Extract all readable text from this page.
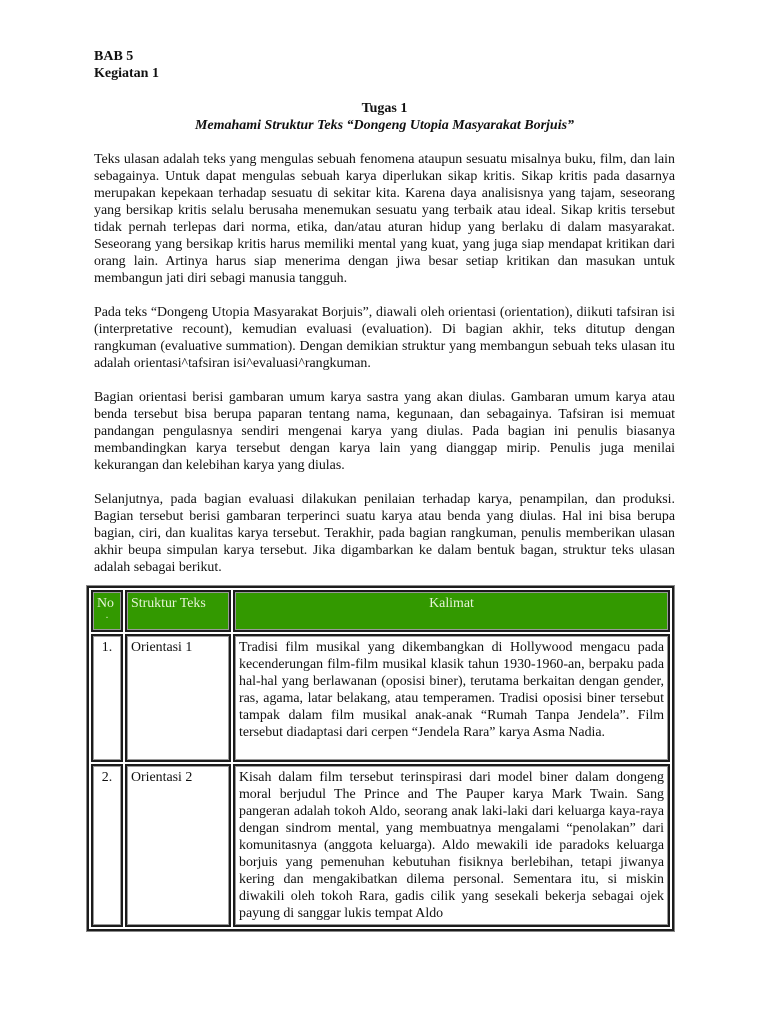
BAB 5
Kegiatan 1
Tugas 1
Memahami Struktur Teks “Dongeng Utopia Masyarakat Borjuis”

Teks ulasan adalah teks yang mengulas sebuah fenomena ataupun sesuatu misalnya buku, film, dan lain sebagainya. Untuk dapat mengulas sebuah karya diperlukan sikap kritis. Sikap kritis pada dasarnya merupakan kepekaan terhadap sesuatu di sekitar kita. Karena daya analisisnya yang tajam, seseorang yang bersikap kritis selalu berusaha menemukan sesuatu yang terbaik atau ideal. Sikap kritis tersebut tidak pernah terlepas dari norma, etika, dan/atau aturan hidup yang berlaku di dalam masyarakat. Seseorang yang bersikap kritis harus memiliki mental yang kuat, yang juga siap mendapat kritikan dari orang lain. Artinya harus siap menerima dengan jiwa besar setiap kritikan dan masukan untuk membangun jati diri sebagi manusia tangguh.

Pada teks “Dongeng Utopia Masyarakat Borjuis”, diawali oleh orientasi (orientation), diikuti tafsiran isi (interpretative recount), kemudian evaluasi (evaluation). Di bagian akhir, teks ditutup dengan rangkuman (evaluative summation). Dengan demikian struktur yang membangun sebuah teks ulasan itu adalah orientasi^tafsiran isi^evaluasi^rangkuman.

Bagian orientasi berisi gambaran umum karya sastra yang akan diulas. Gambaran umum karya atau benda tersebut bisa berupa paparan tentang nama, kegunaan, dan sebagainya. Tafsiran isi memuat pandangan pengulasnya sendiri mengenai karya yang diulas. Pada bagian ini penulis biasanya membandingkan karya tersebut dengan karya lain yang dianggap mirip. Penulis juga menilai kekurangan dan kelebihan karya yang diulas.

Selanjutnya, pada bagian evaluasi dilakukan penilaian terhadap karya, penampilan, dan produksi. Bagian tersebut berisi gambaran terperinci suatu karya atau benda yang diulas. Hal ini bisa berupa bagian, ciri, dan kualitas karya tersebut. Terakhir, pada bagian rangkuman, penulis memberikan ulasan akhir beupa simpulan karya tersebut. Jika digambarkan ke dalam bentuk bagan, struktur teks ulasan adalah sebagai berikut.

No
.	Struktur Teks	Kalimat
1.	Orientasi 1	Tradisi film musikal yang dikembangkan di Hollywood mengacu pada kecenderungan film-film musikal klasik tahun 1930-1960-an, berpaku pada hal-hal yang berlawanan (oposisi biner), terutama berkaitan dengan gender, ras, agama, latar belakang, atau temperamen. Tradisi oposisi biner tersebut tampak dalam film musikal anak-anak “Rumah Tanpa Jendela”. Film tersebut diadaptasi dari cerpen “Jendela Rara” karya Asma Nadia.
2.	Orientasi 2	Kisah dalam film tersebut terinspirasi dari model biner dalam dongeng moral berjudul The Prince and The Pauper karya Mark Twain. Sang pangeran adalah tokoh Aldo, seorang anak laki-laki dari keluarga kaya-raya dengan sindrom mental, yang membuatnya mengalami “penolakan” dari komunitasnya (anggota keluarga). Aldo mewakili ide paradoks keluarga borjuis yang pemenuhan kebutuhan fisiknya berlebihan, tetapi jiwanya kering dan mengakibatkan dilema personal. Sementara itu, si miskin diwakili oleh tokoh Rara, gadis cilik yang sesekali bekerja sebagai ojek payung di sanggar lukis tempat Aldo
